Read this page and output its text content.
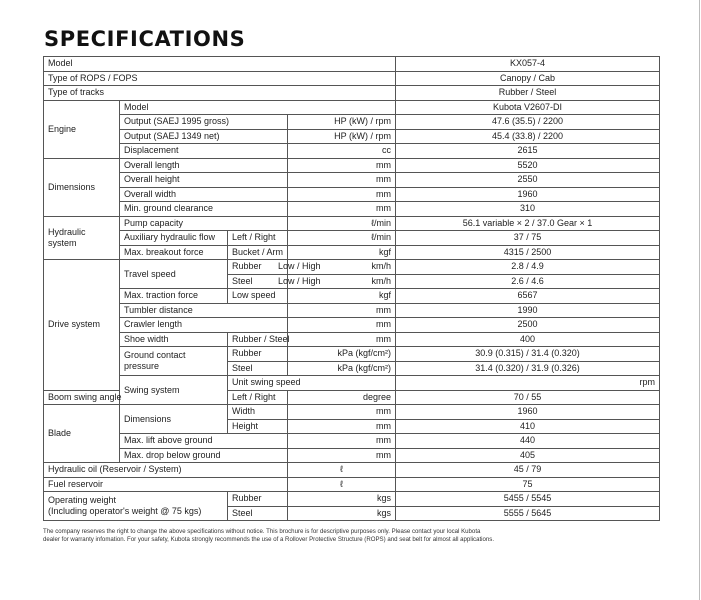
SPECIFICATIONS
Model				KX057-4	
Type of ROPS / FOPS				Canopy / Cab	
Type of tracks				Rubber / Steel	
Engine	Model			Kubota V2607-DI	
	Output (SAEJ 1995 gross)		HP (kW) / rpm	47.6 (35.5) / 2200	
	Output (SAEJ 1349 net)		HP (kW) / rpm	45.4 (33.8) / 2200	
	Displacement		cc	2615	
Dimensions	Overall length		mm	5520	
	Overall height		mm	2550	
	Overall width		mm	1960	
	Min. ground clearance		mm	310	
Hydraulic system	Pump capacity		ℓ/min	56.1 variable × 2 / 37.0 Gear × 1	
	Auxiliary hydraulic flow	Left / Right	ℓ/min	37 / 75	
	Max. breakout force	Bucket / Arm	kgf	4315 / 2500	
Drive system	Travel speed	Rubber Low / High	km/h	2.8 / 4.9	
		Steel Low / High	km/h	2.6 / 4.6	
	Max. traction force	Low speed	kgf	6567	
	Tumbler distance		mm	1990	
	Crawler length		mm	2500	
	Shoe width	Rubber / Steel	mm	400	
	Ground contact pressure	Rubber	kPa (kgf/cm²)	30.9 (0.315) / 31.4 (0.320)	
		Steel	kPa (kgf/cm²)	31.4 (0.320) / 31.9 (0.326)	
	Swing system	Unit swing speed		rpm	
Boom swing angle		Left / Right	degree	70 / 55	
Blade	Dimensions	Width	mm	1960	
		Height	mm	410	
	Max. lift above ground		mm	440	
	Max. drop below ground		mm	405	
Hydraulic oil (Reservoir / System)			ℓ	45 / 79	
Fuel reservoir			ℓ	75	

Operating weight
(Including operator's weight @ 75 kgs)		Rubber	kgs	5455 / 5545	
		Steel	kgs	5555 / 5645	

The company reserves the right to change the above specifications without notice. This brochure is for descriptive purposes only. Please contact your local Kubota
dealer for warranty infomation. For your safety, Kubota strongly recommends the use of a Rollover Protective Structure (ROPS) and seat belt for almost all applications.
